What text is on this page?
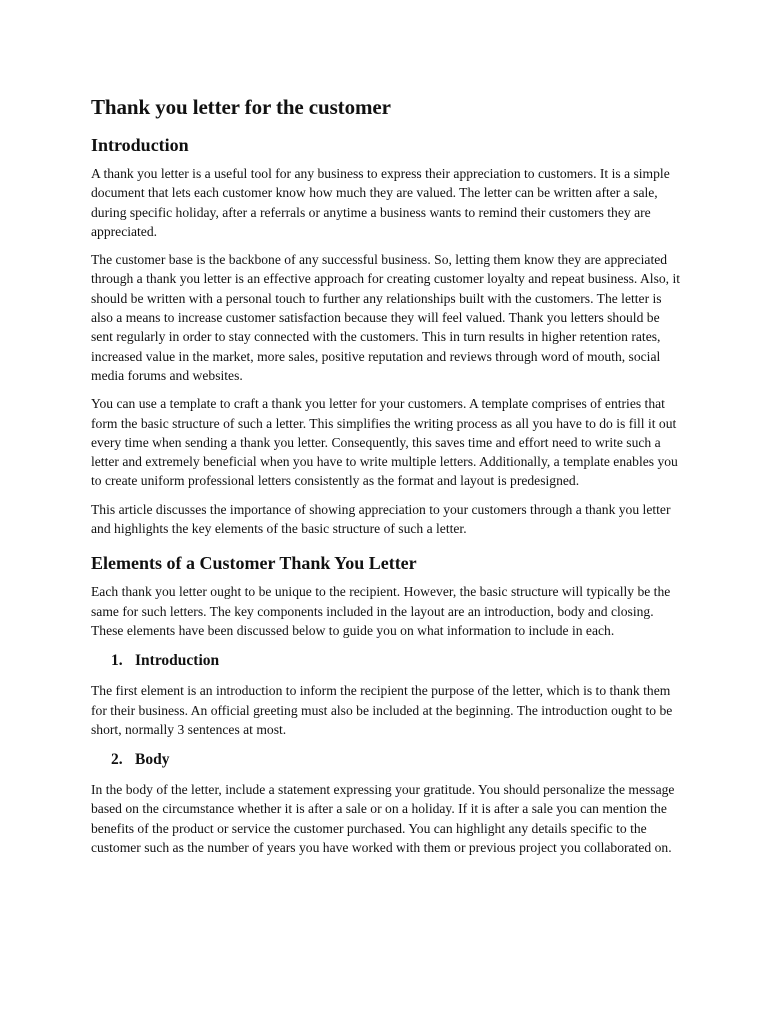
Thank you letter for the customer
Introduction

A thank you letter is a useful tool for any business to express their appreciation to customers. It is a simple document that lets each customer know how much they are valued. The letter can be written after a sale, during specific holiday, after a referrals or anytime a business wants to remind their customers they are appreciated.

The customer base is the backbone of any successful business. So, letting them know they are appreciated through a thank you letter is an effective approach for creating customer loyalty and repeat business. Also, it should be written with a personal touch to further any relationships built with the customers. The letter is also a means to increase customer satisfaction because they will feel valued. Thank you letters should be sent regularly in order to stay connected with the customers. This in turn results in higher retention rates, increased value in the market, more sales, positive reputation and reviews through word of mouth, social media forums and websites.

You can use a template to craft a thank you letter for your customers. A template comprises of entries that form the basic structure of such a letter. This simplifies the writing process as all you have to do is fill it out every time when sending a thank you letter. Consequently, this saves time and effort need to write such a letter and extremely beneficial when you have to write multiple letters. Additionally, a template enables you to create uniform professional letters consistently as the format and layout is predesigned.

This article discusses the importance of showing appreciation to your customers through a thank you letter and highlights the key elements of the basic structure of such a letter.

Elements of a Customer Thank You Letter

Each thank you letter ought to be unique to the recipient. However, the basic structure will typically be the same for such letters. The key components included in the layout are an introduction, body and closing. These elements have been discussed below to guide you on what information to include in each.

1. Introduction

The first element is an introduction to inform the recipient the purpose of the letter, which is to thank them for their business. An official greeting must also be included at the beginning. The introduction ought to be short, normally 3 sentences at most.

2. Body

In the body of the letter, include a statement expressing your gratitude. You should personalize the message based on the circumstance whether it is after a sale or on a holiday. If it is after a sale you can mention the benefits of the product or service the customer purchased. You can highlight any details specific to the customer such as the number of years you have worked with them or previous project you collaborated on.
